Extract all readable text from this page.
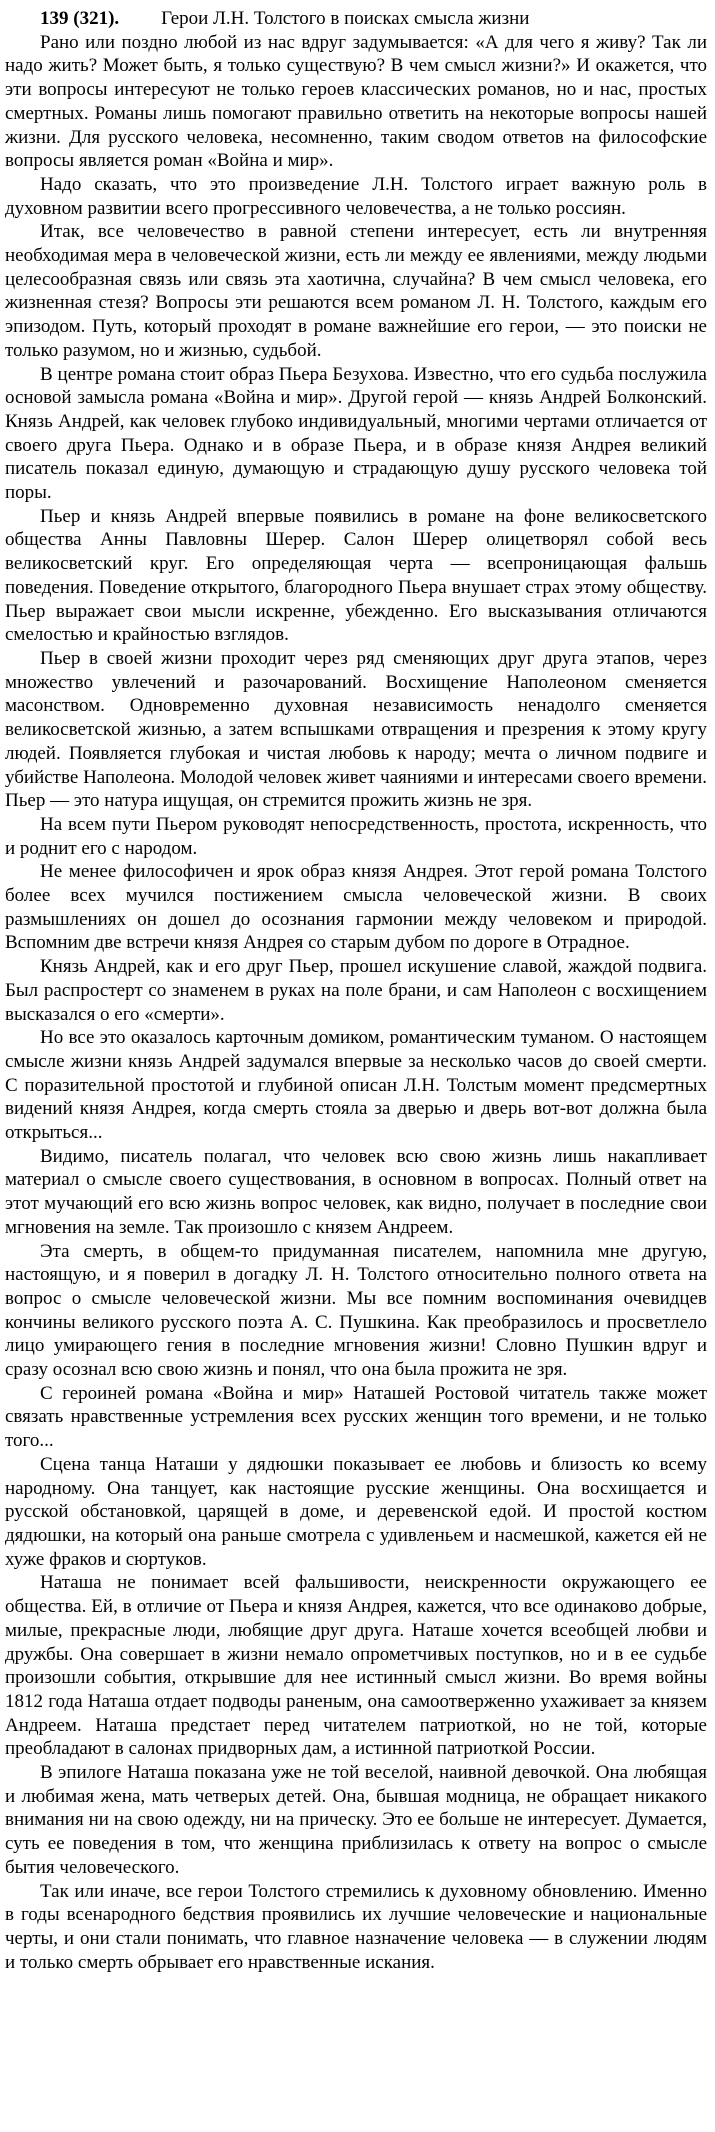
139 (321). Герои Л.Н. Толстого в поисках смысла жизни

Рано или поздно любой из нас вдруг задумывается: «А для чего я живу? Так ли надо жить? Может быть, я только существую? В чем смысл жизни?» И окажется, что эти вопросы интересуют не только героев классических романов, но и нас, простых смертных. Романы лишь помогают правильно ответить на некоторые вопросы нашей жизни. Для русского человека, несомненно, таким сводом ответов на философские вопросы является роман «Война и мир».

Надо сказать, что это произведение Л.Н. Толстого играет важную роль в духовном развитии всего прогрессивного человечества, а не только россиян.

Итак, все человечество в равной степени интересует, есть ли внутренняя необходимая мера в человеческой жизни, есть ли между ее явлениями, между людьми целесообразная связь или связь эта хаотична, случайна? В чем смысл человека, его жизненная стезя? Вопросы эти решаются всем романом Л. Н. Толстого, каждым его эпизодом. Путь, который проходят в романе важнейшие его герои, — это поиски не только разумом, но и жизнью, судьбой.

В центре романа стоит образ Пьера Безухова. Известно, что его судьба послужила основой замысла романа «Война и мир». Другой герой — князь Андрей Болконский. Князь Андрей, как человек глубоко индивидуальный, многими чертами отличается от своего друга Пьера. Однако и в образе Пьера, и в образе князя Андрея великий писатель показал единую, думающую и страдающую душу русского человека той поры.

Пьер и князь Андрей впервые появились в романе на фоне великосветского общества Анны Павловны Шерер. Салон Шерер олицетворял собой весь великосветский круг. Его определяющая черта — всепроницающая фальшь поведения. Поведение открытого, благородного Пьера внушает страх этому обществу. Пьер выражает свои мысли искренне, убежденно. Его высказывания отличаются смелостью и крайностью взглядов.

Пьер в своей жизни проходит через ряд сменяющих друг друга этапов, через множество увлечений и разочарований. Восхищение Наполеоном сменяется масонством. Одновременно духовная независимость ненадолго сменяется великосветской жизнью, а затем вспышками отвращения и презрения к этому кругу людей. Появляется глубокая и чистая любовь к народу; мечта о личном подвиге и убийстве Наполеона. Молодой человек живет чаяниями и интересами своего времени. Пьер — это натура ищущая, он стремится прожить жизнь не зря.

На всем пути Пьером руководят непосредственность, простота, искренность, что и роднит его с народом.

Не менее философичен и ярок образ князя Андрея. Этот герой романа Толстого более всех мучился постижением смысла человеческой жизни. В своих размышлениях он дошел до осознания гармонии между человеком и природой. Вспомним две встречи князя Андрея со старым дубом по дороге в Отрадное.

Князь Андрей, как и его друг Пьер, прошел искушение славой, жаждой подвига. Был распростерт со знаменем в руках на поле брани, и сам Наполеон с восхищением высказался о его «смерти».

Но все это оказалось карточным домиком, романтическим туманом. О настоящем смысле жизни князь Андрей задумался впервые за несколько часов до своей смерти. С поразительной простотой и глубиной описан Л.Н. Толстым момент предсмертных видений князя Андрея, когда смерть стояла за дверью и дверь вот-вот должна была открыться...

Видимо, писатель полагал, что человек всю свою жизнь лишь накапливает материал о смысле своего существования, в основном в вопросах. Полный ответ на этот мучающий его всю жизнь вопрос человек, как видно, получает в последние свои мгновения на земле. Так произошло с князем Андреем.

Эта смерть, в общем-то придуманная писателем, напомнила мне другую, настоящую, и я поверил в догадку Л. Н. Толстого относительно полного ответа на вопрос о смысле человеческой жизни. Мы все помним воспоминания очевидцев кончины великого русского поэта А. С. Пушкина. Как преобразилось и просветлело лицо умирающего гения в последние мгновения жизни! Словно Пушкин вдруг и сразу осознал всю свою жизнь и понял, что она была прожита не зря.

С героиней романа «Война и мир» Наташей Ростовой читатель также может связать нравственные устремления всех русских женщин того времени, и не только того...

Сцена танца Наташи у дядюшки показывает ее любовь и близость ко всему народному. Она танцует, как настоящие русские женщины. Она восхищается и русской обстановкой, царящей в доме, и деревенской едой. И простой костюм дядюшки, на который она раньше смотрела с удивленьем и насмешкой, кажется ей не хуже фраков и сюртуков.

Наташа не понимает всей фальшивости, неискренности окружающего ее общества. Ей, в отличие от Пьера и князя Андрея, кажется, что все одинаково добрые, милые, прекрасные люди, любящие друг друга. Наташе хочется всеобщей любви и дружбы. Она совершает в жизни немало опрометчивых поступков, но и в ее судьбе произошли события, открывшие для нее истинный смысл жизни. Во время войны 1812 года Наташа отдает подводы раненым, она самоотверженно ухаживает за князем Андреем. Наташа предстает перед читателем патриоткой, но не той, которые преобладают в салонах придворных дам, а истинной патриоткой России.

В эпилоге Наташа показана уже не той веселой, наивной девочкой. Она любящая и любимая жена, мать четверых детей. Она, бывшая модница, не обращает никакого внимания ни на свою одежду, ни на прическу. Это ее больше не интересует. Думается, суть ее поведения в том, что женщина приблизилась к ответу на вопрос о смысле бытия человеческого.

Так или иначе, все герои Толстого стремились к духовному обновлению. Именно в годы всенародного бедствия проявились их лучшие человеческие и национальные черты, и они стали понимать, что главное назначение человека — в служении людям и только смерть обрывает его нравственные искания.
